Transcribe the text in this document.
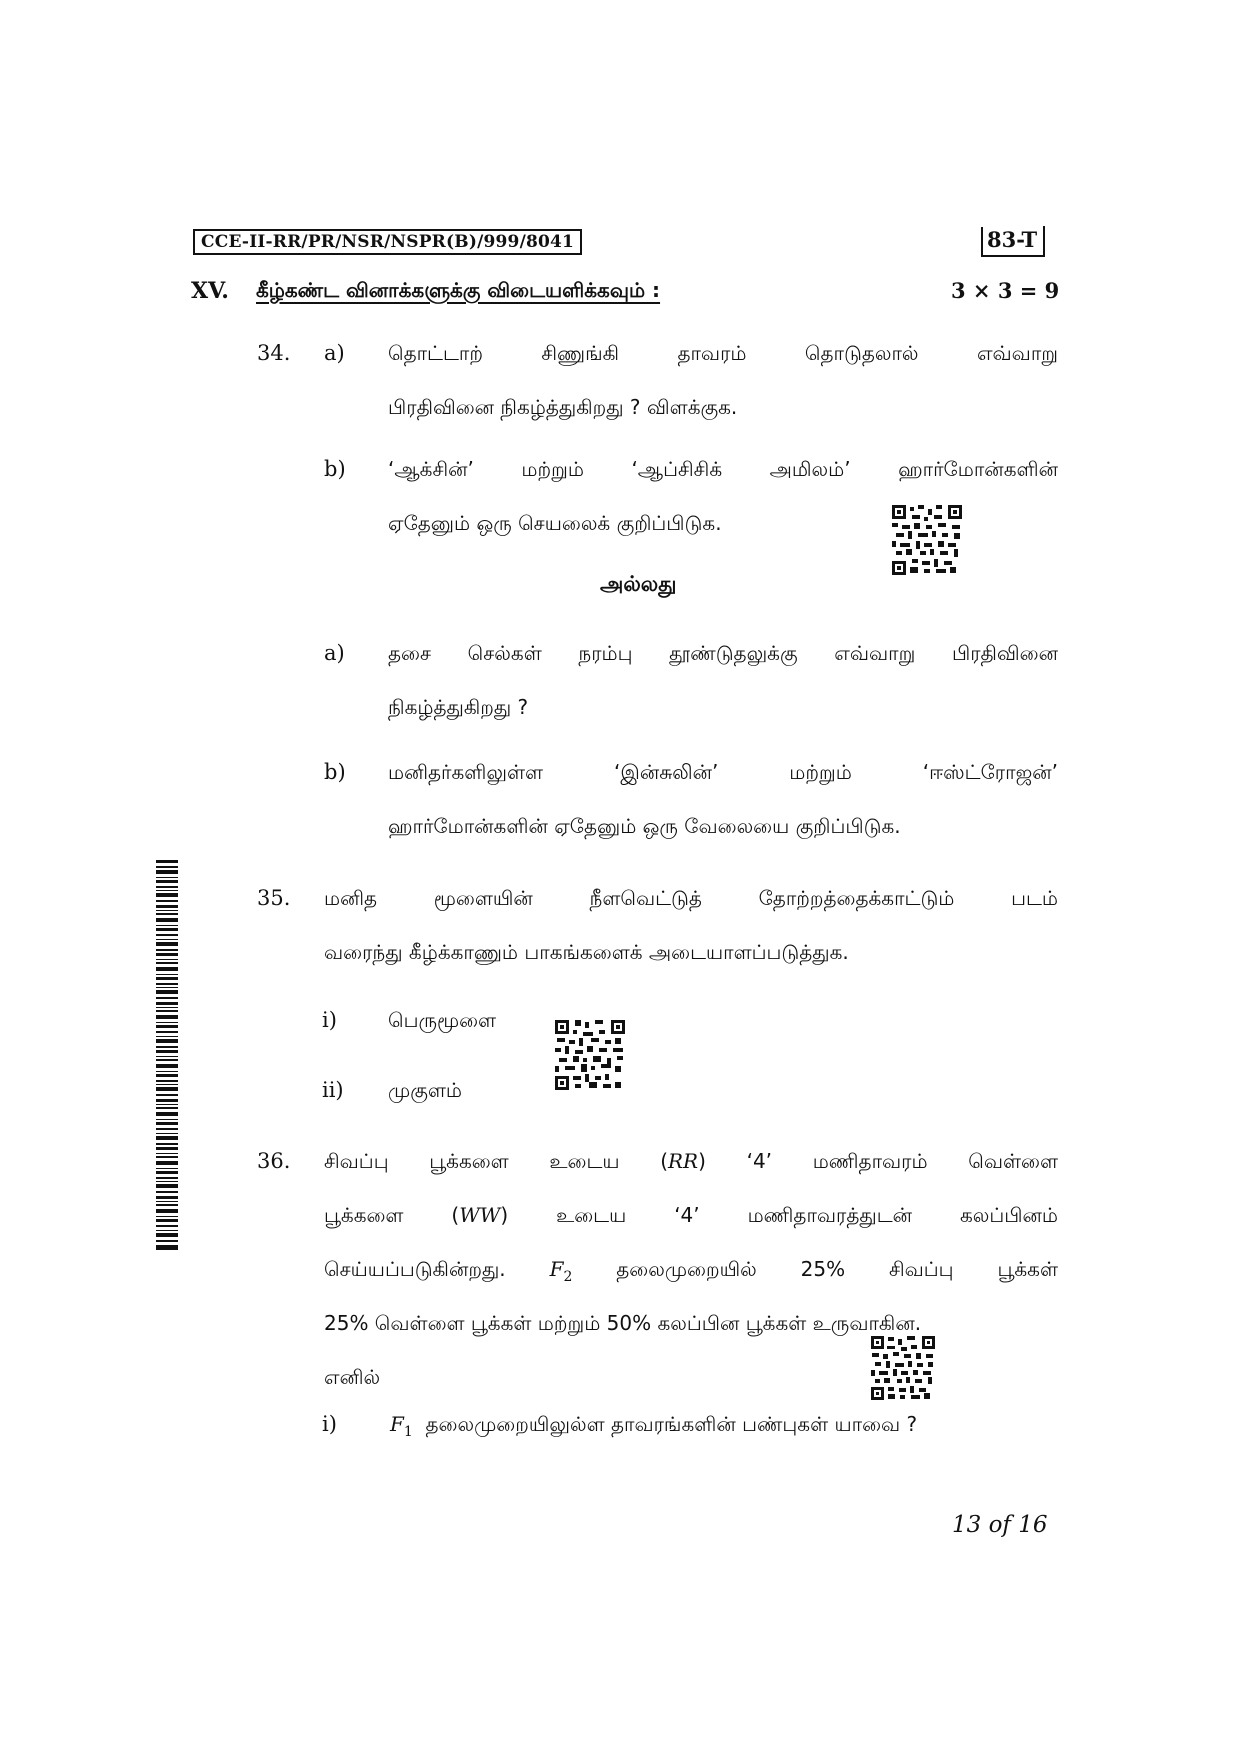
CCE-II-RR/PR/NSR/NSPR(B)/999/8041	83-T
XV. கீழ்கண்ட வினாக்களுக்கு விடையளிக்கவும் :	3 × 3 = 9
34. a) தொட்டாற் சிணுங்கி தாவரம் தொடுதலால் எவ்வாறு
பிரதிவினை நிகழ்த்துகிறது ? விளக்குக.
b) ‘ஆக்சின்’ மற்றும் ‘ஆப்சிசிக் அமிலம்’ ஹார்மோன்களின்
ஏதேனும் ஒரு செயலைக் குறிப்பிடுக.
அல்லது
a) தசை செல்கள் நரம்பு தூண்டுதலுக்கு எவ்வாறு பிரதிவினை
நிகழ்த்துகிறது ?
b) மனிதர்களிலுள்ள ‘இன்சுலின்’ மற்றும் ‘ஈஸ்ட்ரோஜன்’
ஹார்மோன்களின் ஏதேனும் ஒரு வேலையை குறிப்பிடுக.
35. மனித மூளையின் நீளவெட்டுத் தோற்றத்தைக்காட்டும் படம்
வரைந்து கீழ்க்காணும் பாகங்களைக் அடையாளப்படுத்துக.
i)	பெருமூளை
ii) முகுளம்
36. சிவப்பு பூக்களை உடைய (RR) ‘4’ மணிதாவரம் வெள்ளை
பூக்களை (WW) உடைய ‘4’ மணிதாவரத்துடன் கலப்பினம்
செய்யப்படுகின்றது. $F_2$ தலைமுறையில் 25% சிவப்பு பூக்கள்
25% வெள்ளை பூக்கள் மற்றும் 50% கலப்பின பூக்கள் உருவாகின.
எனில்
i)	$F_1$ தலைமுறையிலுல்ள தாவரங்களின் பண்புகள் யாவை ?
13 of 16
